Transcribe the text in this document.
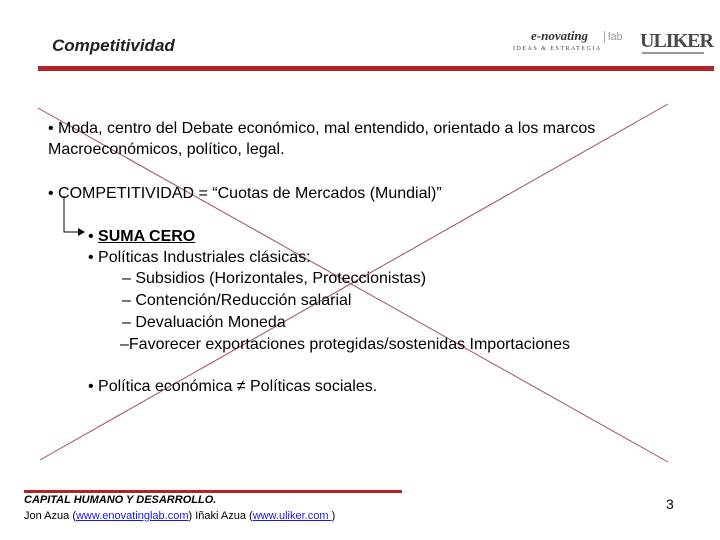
Competitividad
e-novating	lab
IDEAS & ESTRATEGIA ULIKER
• Moda, centro del Debate económico, mal entendido, orientado a los marcos
Macroeconómicos, político, legal.
• COMPETITIVIDAD = “Cuotas de Mercados (Mundial)”
• SUMA CERO
• Políticas Industriales clásicas:
– Subsidios (Horizontales, Proteccionistas)
– Contención/Reducción salarial
– Devaluación Moneda
–Favorecer exportaciones protegidas/sostenidas Importaciones
• Política económica ≠ Políticas sociales.
CAPITAL HUMANO Y DESARROLLO.
Jon Azua (www.enovatinglab.com) Iñaki Azua (www.uliker.com )
3
